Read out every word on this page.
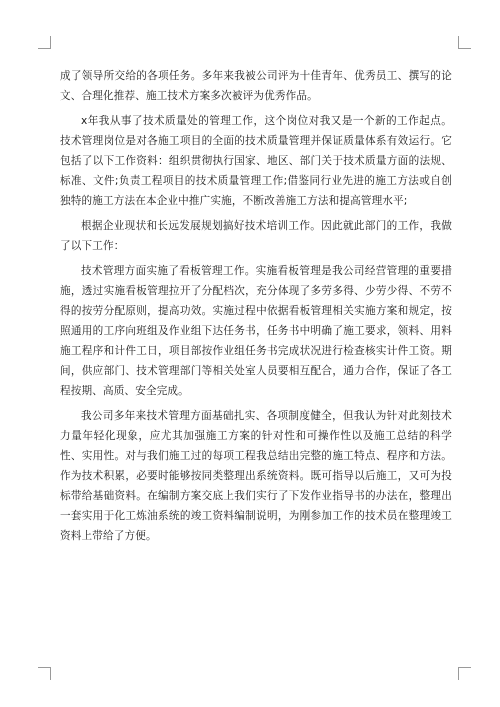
成了领导所交给的各项任务。多年来我被公司评为十佳青年、优秀员工、撰写的论文、合理化推荐、施工技术方案多次被评为优秀作品。

x年我从事了技术质量处的管理工作，这个岗位对我又是一个新的工作起点。技术管理岗位是对各施工项目的全面的技术质量管理并保证质量体系有效运行。它包括了以下工作资料：组织贯彻执行国家、地区、部门关于技术质量方面的法规、标准、文件;负责工程项目的技术质量管理工作;借鉴同行业先进的施工方法或自创独特的施工方法在本企业中推广实施，不断改善施工方法和提高管理水平;

根据企业现状和长远发展规划搞好技术培训工作。因此就此部门的工作，我做了以下工作：

技术管理方面实施了看板管理工作。实施看板管理是我公司经营管理的重要措施，透过实施看板管理拉开了分配档次，充分体现了多劳多得、少劳少得、不劳不得的按劳分配原则，提高功效。实施过程中依据看板管理相关实施方案和规定，按照通用的工序向班组及作业组下达任务书，任务书中明确了施工要求，领料、用料施工程序和计件工日，项目部按作业组任务书完成状况进行检查核实计件工资。期间，供应部门、技术管理部门等相关处室人员要相互配合，通力合作，保证了各工程按期、高质、安全完成。

我公司多年来技术管理方面基础扎实、各项制度健全，但我认为针对此刻技术力量年轻化现象，应尤其加强施工方案的针对性和可操作性以及施工总结的科学性、实用性。对与我们施工过的每项工程我总结出完整的施工特点、程序和方法。作为技术积累，必要时能够按同类整理出系统资料。既可指导以后施工，又可为投标带给基础资料。在编制方案交底上我们实行了下发作业指导书的办法在，整理出一套实用于化工炼油系统的竣工资料编制说明，为刚参加工作的技术员在整理竣工资料上带给了方便。
